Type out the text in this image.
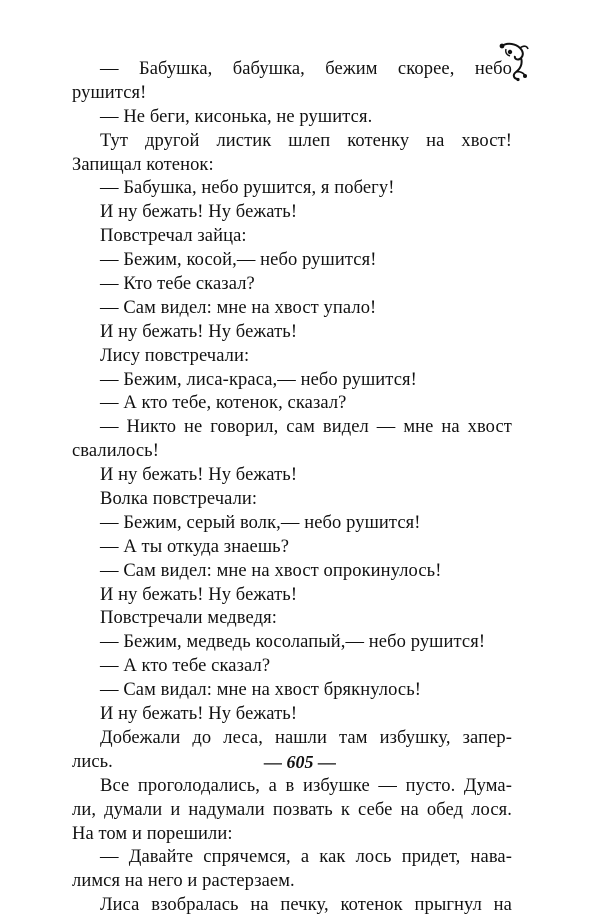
— Бабушка, бабушка, бежим скорее, небо
рушится!
— Не беги, кисонька, не рушится.
Тут другой листик шлеп котенку на хвост!
Запищал котенок:
— Бабушка, небо рушится, я побегу!
И ну бежать! Ну бежать!
Повстречал зайца:
— Бежим, косой,— небо рушится!
— Кто тебе сказал?
— Сам видел: мне на хвост упало!
И ну бежать! Ну бежать!
Лису повстречали:
— Бежим, лиса-краса,— небо рушится!
— А кто тебе, котенок, сказал?
— Никто не говорил, сам видел — мне на хвост
свалилось!
И ну бежать! Ну бежать!
Волка повстречали:
— Бежим, серый волк,— небо рушится!
— А ты откуда знаешь?
— Сам видел: мне на хвост опрокинулось!
И ну бежать! Ну бежать!
Повстречали медведя:
— Бежим, медведь косолапый,— небо рушится!
— А кто тебе сказал?
— Сам видал: мне на хвост брякнулось!
И ну бежать! Ну бежать!
Добежали до леса, нашли там избушку, запер-
лись.
Все проголодались, а в избушке — пусто. Дума-
ли, думали и надумали позвать к себе на обед лося.
На том и порешили:
— Давайте спрячемся, а как лось придет, нава-
лимся на него и растерзаем.
Лиса взобралась на печку, котенок прыгнул на
— 605 —
